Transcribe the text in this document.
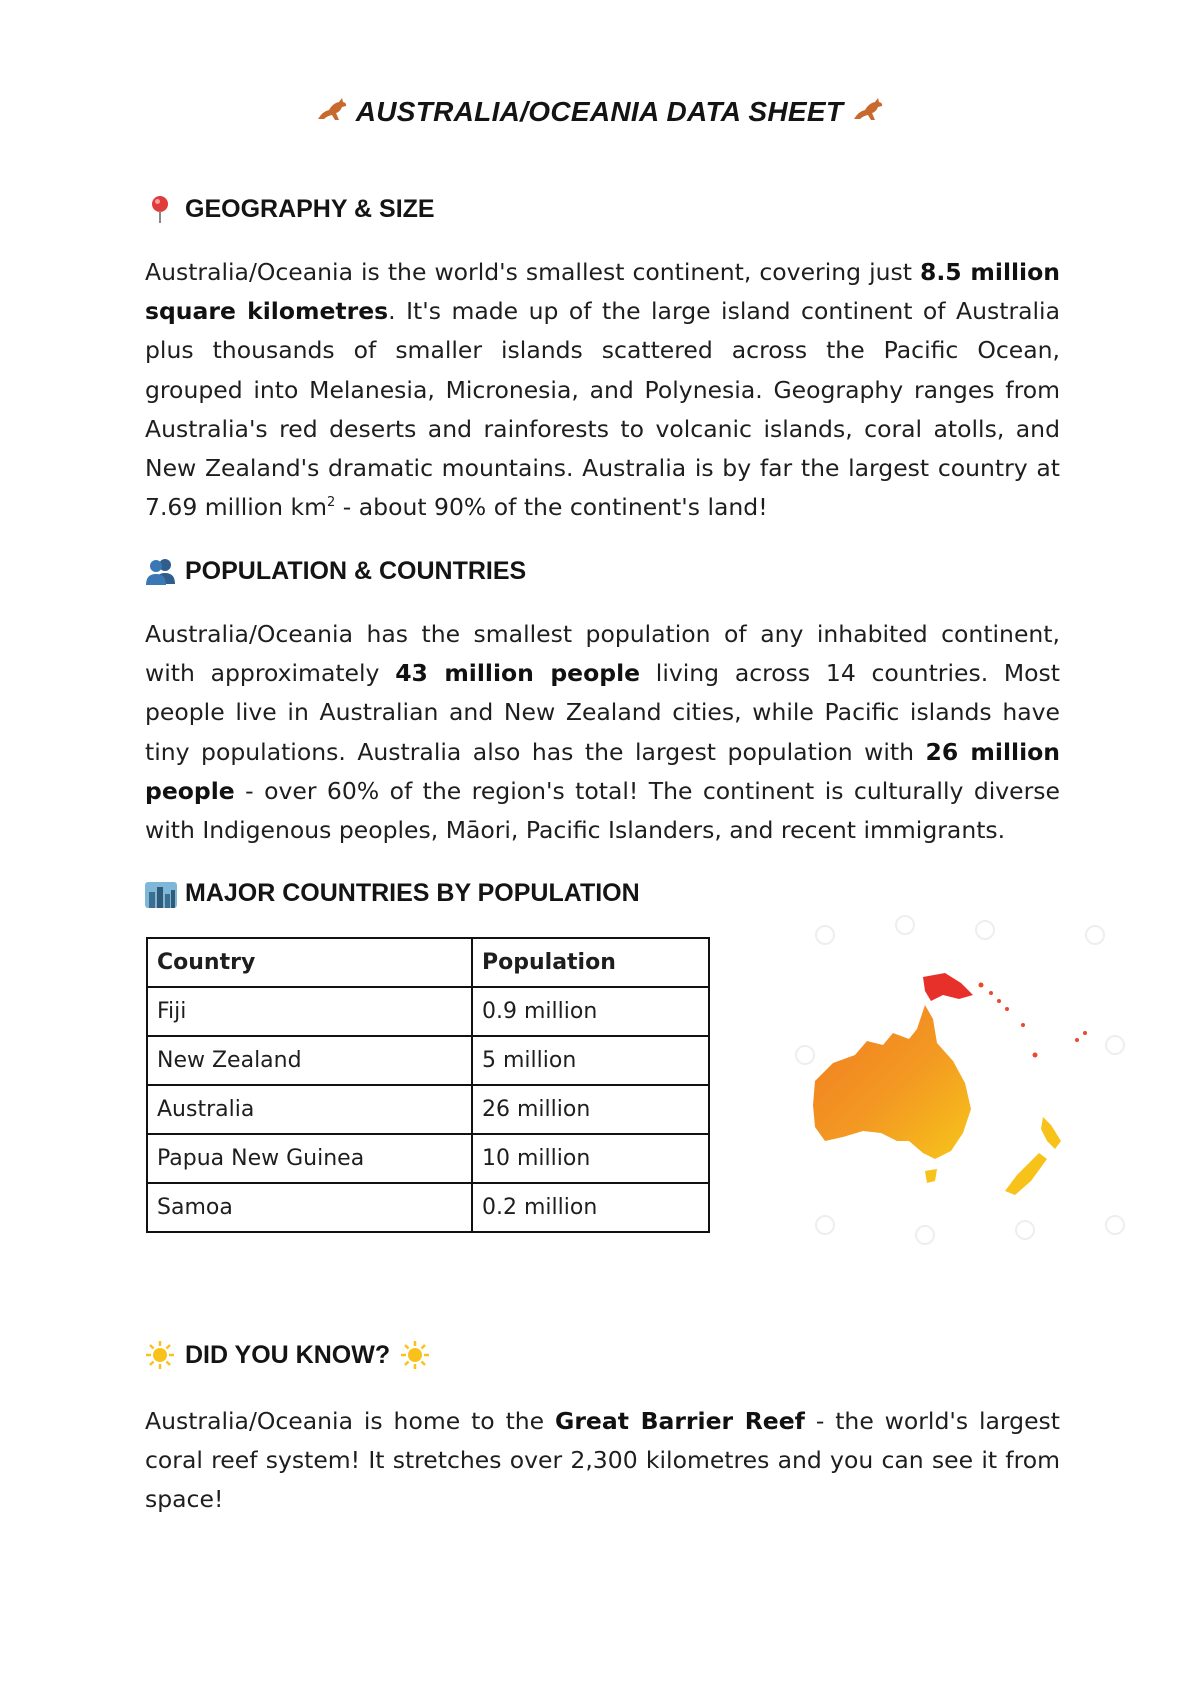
AUSTRALIA/OCEANIA DATA SHEET
GEOGRAPHY & SIZE

Australia/Oceania is the world's smallest continent, covering just 8.5 million square kilometres. It's made up of the large island continent of Australia plus thousands of smaller islands scattered across the Pacific Ocean, grouped into Melanesia, Micronesia, and Polynesia. Geography ranges from Australia's red deserts and rainforests to volcanic islands, coral atolls, and New Zealand's dramatic mountains. Australia is by far the largest country at 7.69 million $km^2$ - about 90% of the continent's land!

POPULATION & COUNTRIES

Australia/Oceania has the smallest population of any inhabited continent, with approximately 43 million people living across 14 countries. Most people live in Australian and New Zealand cities, while Pacific islands have tiny populations. Australia also has the largest population with 26 million people - over 60% of the region's total! The continent is culturally diverse with Indigenous peoples, Māori, Pacific Islanders, and recent immigrants.

MAJOR COUNTRIES BY POPULATION
Country	Population
Fiji	0.9 million
New Zealand	5 million
Australia	26 million
Papua New Guinea	10 million
Samoa	0.2 million
DID YOU KNOW?

Australia/Oceania is home to the Great Barrier Reef - the world's largest coral reef system! It stretches over 2,300 kilometres and you can see it from space!
